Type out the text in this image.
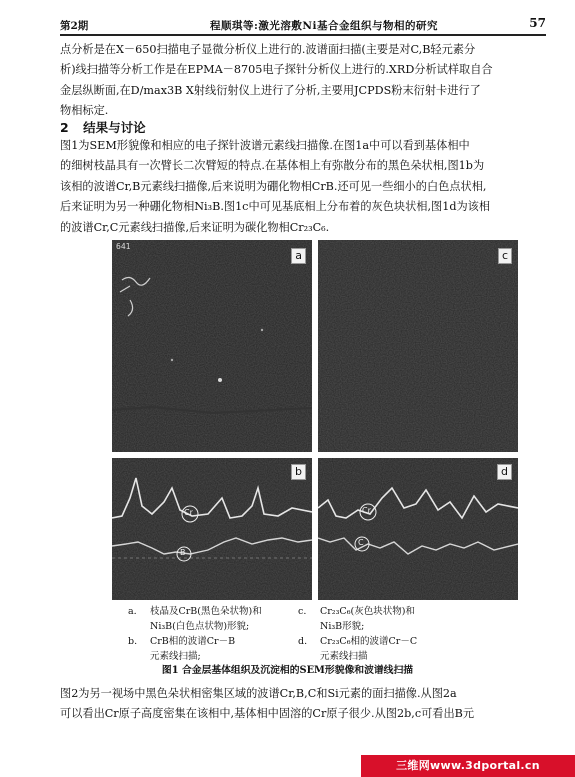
第2期	程顺琪等:激光溶敷Ni基合金组织与物相的研究	57
点分析是在X－650扫描电子显微分析仪上进行的.波谱面扫描(主要是对C,B轻元素分
析)线扫描等分析工作是在EPMA－8705电子探针分析仪上进行的.XRD分析试样取自合
金层纵断面,在D/max3B X射线衍射仪上进行了分析,主要用JCPDS粉末衍射卡进行了
物相标定.
2 结果与讨论
图1为SEM形貌像和相应的电子探针波谱元素线扫描像.在图1a中可以看到基体相中
的细树枝晶具有一次臂长二次臂短的特点.在基体相上有弥散分布的黑色朵状相,图1b为
该相的波谱Cr,B元素线扫描像,后来说明为硼化物相CrB.还可见一些细小的白色点状相,
后来证明为另一种硼化物相Ni₃B.图1c中可见基底相上分布着的灰色块状相,图1d为该相
的波谱Cr,C元素线扫描像,后来证明为碳化物相Cr₂₃C₆.
641
a	c
Cr
B
b
Cr
C
d
a. 枝晶及CrB(黑色朵状物)和
Ni₃B(白色点状物)形貌;
c. Cr₂₃C₆(灰色块状物)和
Ni₃B形貌;
b. CrB相的波谱Cr－B
元素线扫描;
d. Cr₂₃C₆相的波谱Cr－C
元素线扫描
图1 合金层基体组织及沉淀相的SEM形貌像和波谱线扫描
图2为另一视场中黑色朵状相密集区域的波谱Cr,B,C和Si元素的面扫描像.从图2a
可以看出Cr原子高度密集在该相中,基体相中固溶的Cr原子很少.从图2b,c可看出B元
三维网www.3dportal.cn
